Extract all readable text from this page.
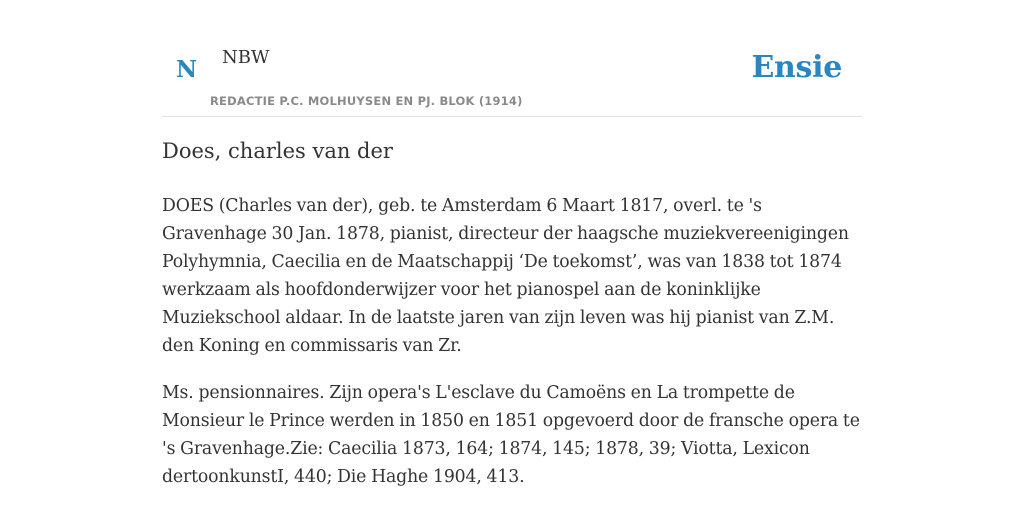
N NBW	Ensie
REDACTIE P.C. MOLHUYSEN EN PJ. BLOK (1914)
Does, charles van der

DOES (Charles van der), geb. te Amsterdam 6 Maart 1817, overl. te 's Gravenhage 30 Jan. 1878, pianist, directeur der haagsche muziekvereenigingen Polyhymnia, Caecilia en de Maatschappij ‘De toekomst’, was van 1838 tot 1874 werkzaam als hoofdonderwijzer voor het pianospel aan de koninklijke Muziekschool aldaar. In de laatste jaren van zijn leven was hij pianist van Z.M. den Koning en commissaris van Zr.

Ms. pensionnaires. Zijn opera's L'esclave du Camoëns en La trompette de Monsieur le Prince werden in 1850 en 1851 opgevoerd door de fransche opera te 's Gravenhage.Zie: Caecilia 1873, 164; 1874, 145; 1878, 39; Viotta, Lexicon dertoonkunstI, 440; Die Haghe 1904, 413.
